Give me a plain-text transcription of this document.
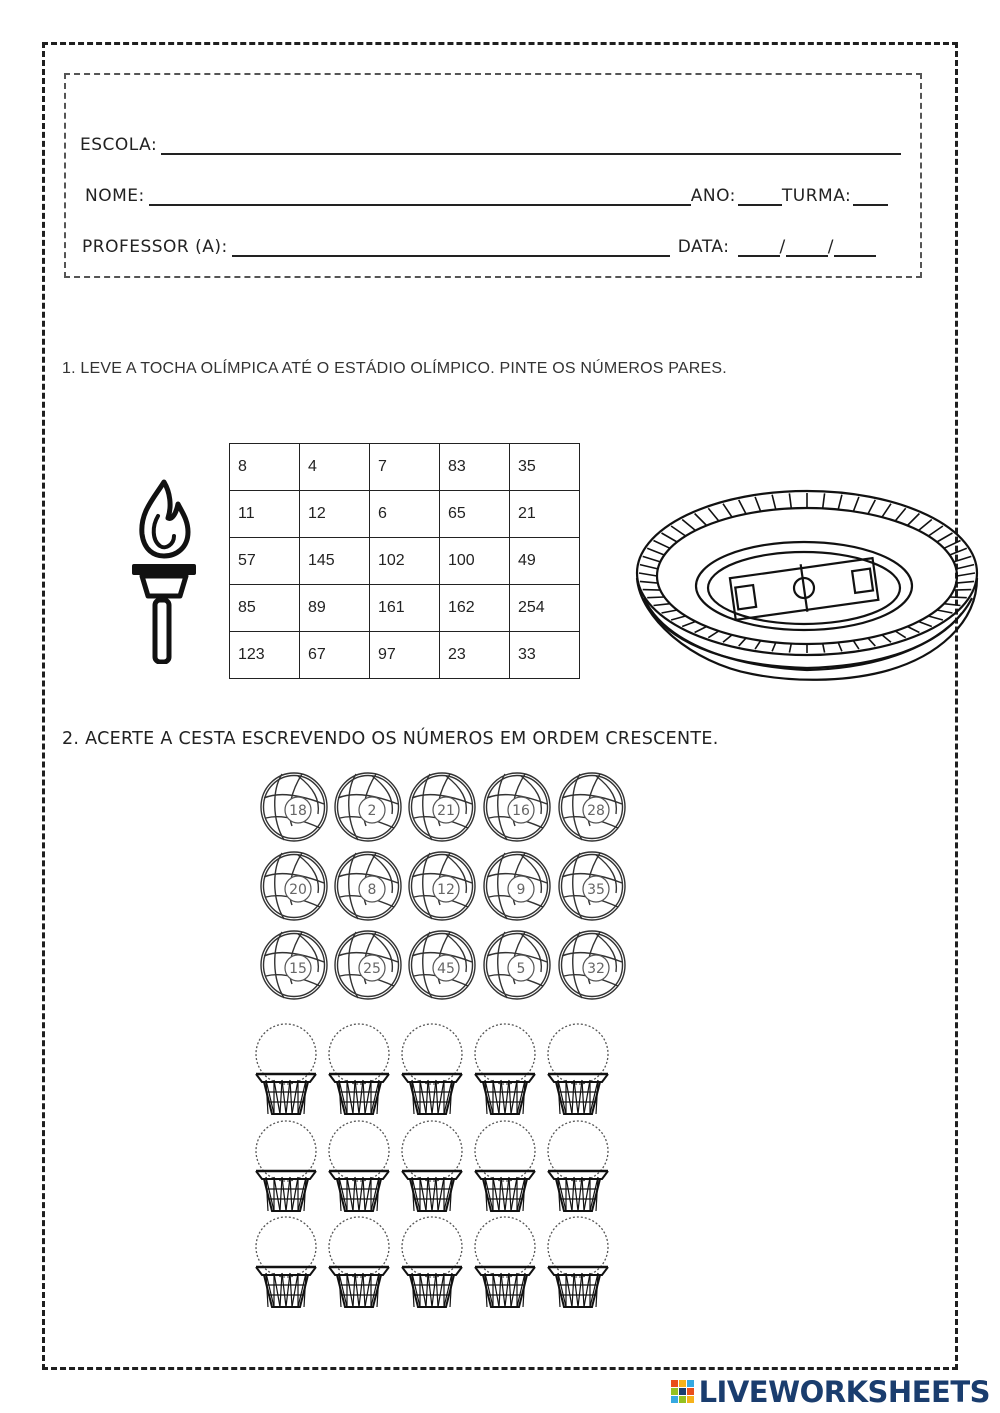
ESCOLA:
NOME:	ANO:	TURMA:
PROFESSOR (A):	DATA:	/ /
1. LEVE A TOCHA OLÍMPICA ATÉ O ESTÁDIO OLÍMPICO. PINTE OS NÚMEROS PARES.
8	4	7	83	35
11	12	6	65	21
57	145	102	100	49
85	89	161	162	254
123	67	97	23	33
2. ACERTE A CESTA ESCREVENDO OS NÚMEROS EM ORDEM CRESCENTE.
18	2	21	16	28
20	8	12	9	35
15	25	45	5	32
LIVEWORKSHEETS
